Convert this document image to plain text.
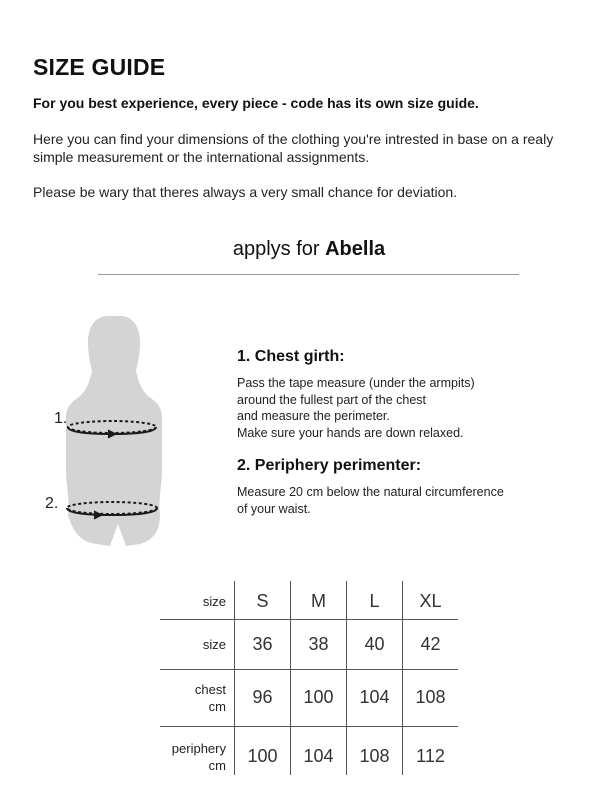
SIZE GUIDE

For you best experience, every piece - code has its own size guide.

Here you can find your dimensions of the clothing you're intrested in base on a realy simple measurement or the international assignments.

Please be wary that theres always a very small chance for deviation.

applys for Abella
1.
2.
1. Chest girth:

Pass the tape measure (under the armpits)
around the fullest part of the chest
and measure the perimeter.
Make sure your hands are down relaxed.

2. Periphery perimenter:

Measure 20 cm below the natural circumference
of your waist.

size	S	M	L	XL
size	36	38	40	42
chest
cm	96	100	104	108
periphery
cm	100	104	108	112
